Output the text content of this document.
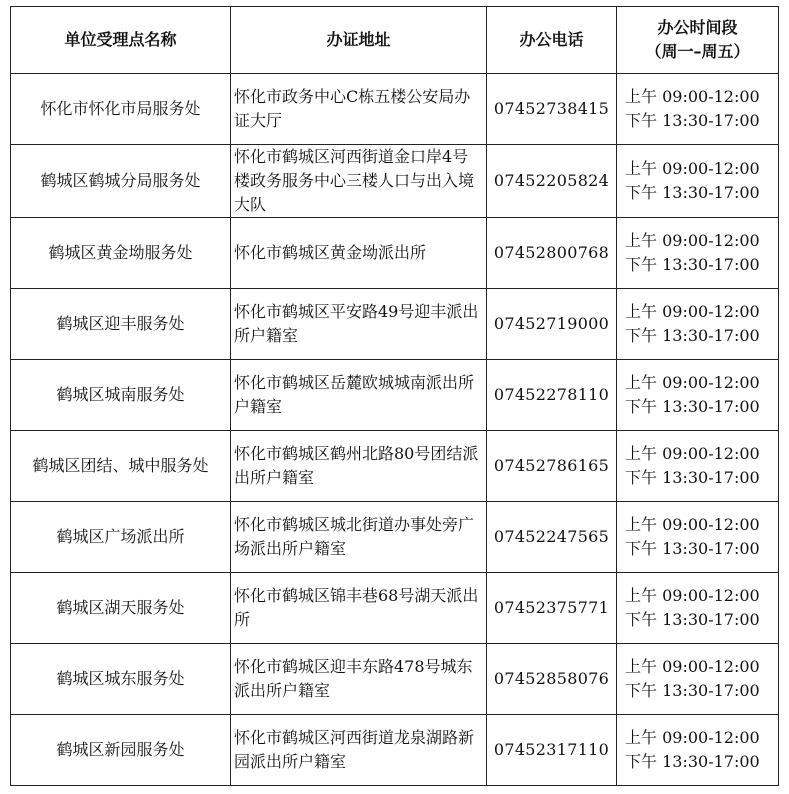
单位受理点名称	办证地址	办公电话	办公时间段
（周一–周五）

怀化市怀化市局服务处	怀化市政务中心C栋五楼公安局办证大厅	07452738415	上午 09:00-12:00
下午 13:30-17:00

鹤城区鹤城分局服务处	怀化市鹤城区河西街道金口岸4号楼政务服务中心三楼人口与出入境大队	07452205824	上午 09:00-12:00
下午 13:30-17:00

鹤城区黄金坳服务处	怀化市鹤城区黄金坳派出所	07452800768	上午 09:00-12:00
下午 13:30-17:00

鹤城区迎丰服务处	怀化市鹤城区平安路49号迎丰派出所户籍室	07452719000	上午 09:00-12:00
下午 13:30-17:00

鹤城区城南服务处	怀化市鹤城区岳麓欧城城南派出所户籍室	07452278110	上午 09:00-12:00
下午 13:30-17:00

鹤城区团结、城中服务处	怀化市鹤城区鹤州北路80号团结派出所户籍室	07452786165	上午 09:00-12:00
下午 13:30-17:00

鹤城区广场派出所	怀化市鹤城区城北街道办事处旁广场派出所户籍室	07452247565	上午 09:00-12:00
下午 13:30-17:00

鹤城区湖天服务处	怀化市鹤城区锦丰巷68号湖天派出所	07452375771	上午 09:00-12:00
下午 13:30-17:00

鹤城区城东服务处	怀化市鹤城区迎丰东路478号城东派出所户籍室	07452858076	上午 09:00-12:00
下午 13:30-17:00

鹤城区新园服务处	怀化市鹤城区河西街道龙泉湖路新园派出所户籍室	07452317110	上午 09:00-12:00
下午 13:30-17:00
